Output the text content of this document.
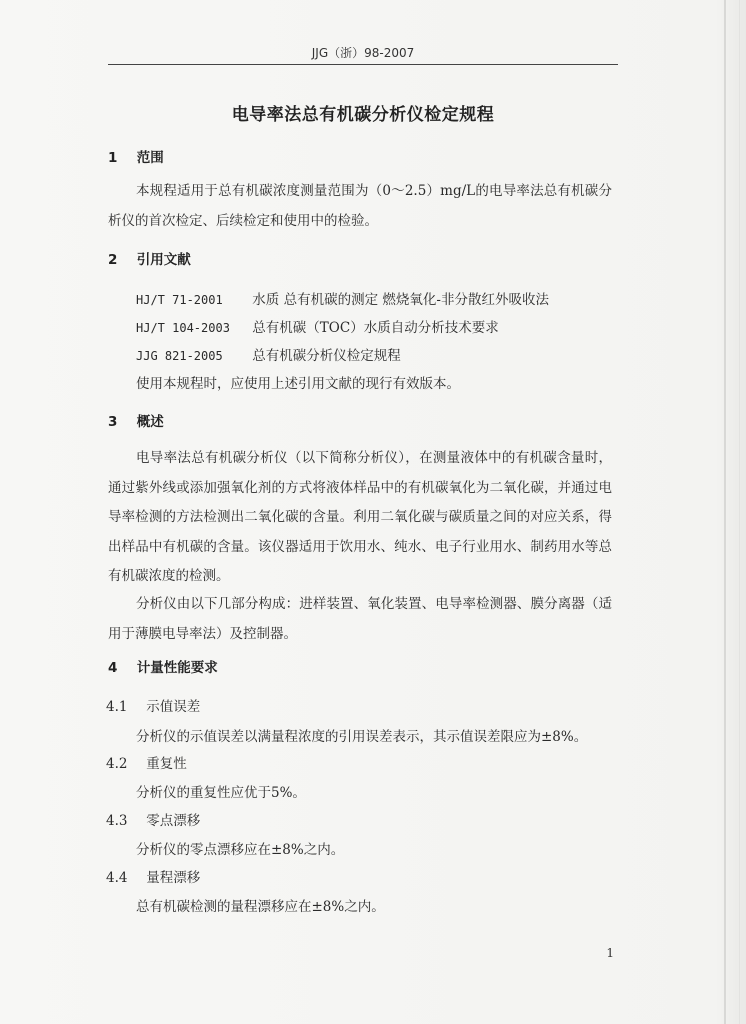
JJG（浙）98-2007
电导率法总有机碳分析仪检定规程
1 范围
本规程适用于总有机碳浓度测量范围为（0～2.5）mg/L的电导率法总有机碳分析仪的首次检定、后续检定和使用中的检验。
2 引用文献
HJ/T 71-2001 水质 总有机碳的测定 燃烧氧化-非分散红外吸收法
HJ/T 104-2003 总有机碳（TOC）水质自动分析技术要求
JJG 821-2005 总有机碳分析仪检定规程
使用本规程时，应使用上述引用文献的现行有效版本。
3 概述
电导率法总有机碳分析仪（以下简称分析仪），在测量液体中的有机碳含量时，通过紫外线或添加强氧化剂的方式将液体样品中的有机碳氧化为二氧化碳，并通过电导率检测的方法检测出二氧化碳的含量。利用二氧化碳与碳质量之间的对应关系，得出样品中有机碳的含量。该仪器适用于饮用水、纯水、电子行业用水、制药用水等总有机碳浓度的检测。
分析仪由以下几部分构成：进样装置、氧化装置、电导率检测器、膜分离器（适用于薄膜电导率法）及控制器。
4 计量性能要求
4.1 示值误差
分析仪的示值误差以满量程浓度的引用误差表示，其示值误差限应为±8%。
4.2 重复性
分析仪的重复性应优于5%。
4.3 零点漂移
分析仪的零点漂移应在±8%之内。
4.4 量程漂移
总有机碳检测的量程漂移应在±8%之内。
1
